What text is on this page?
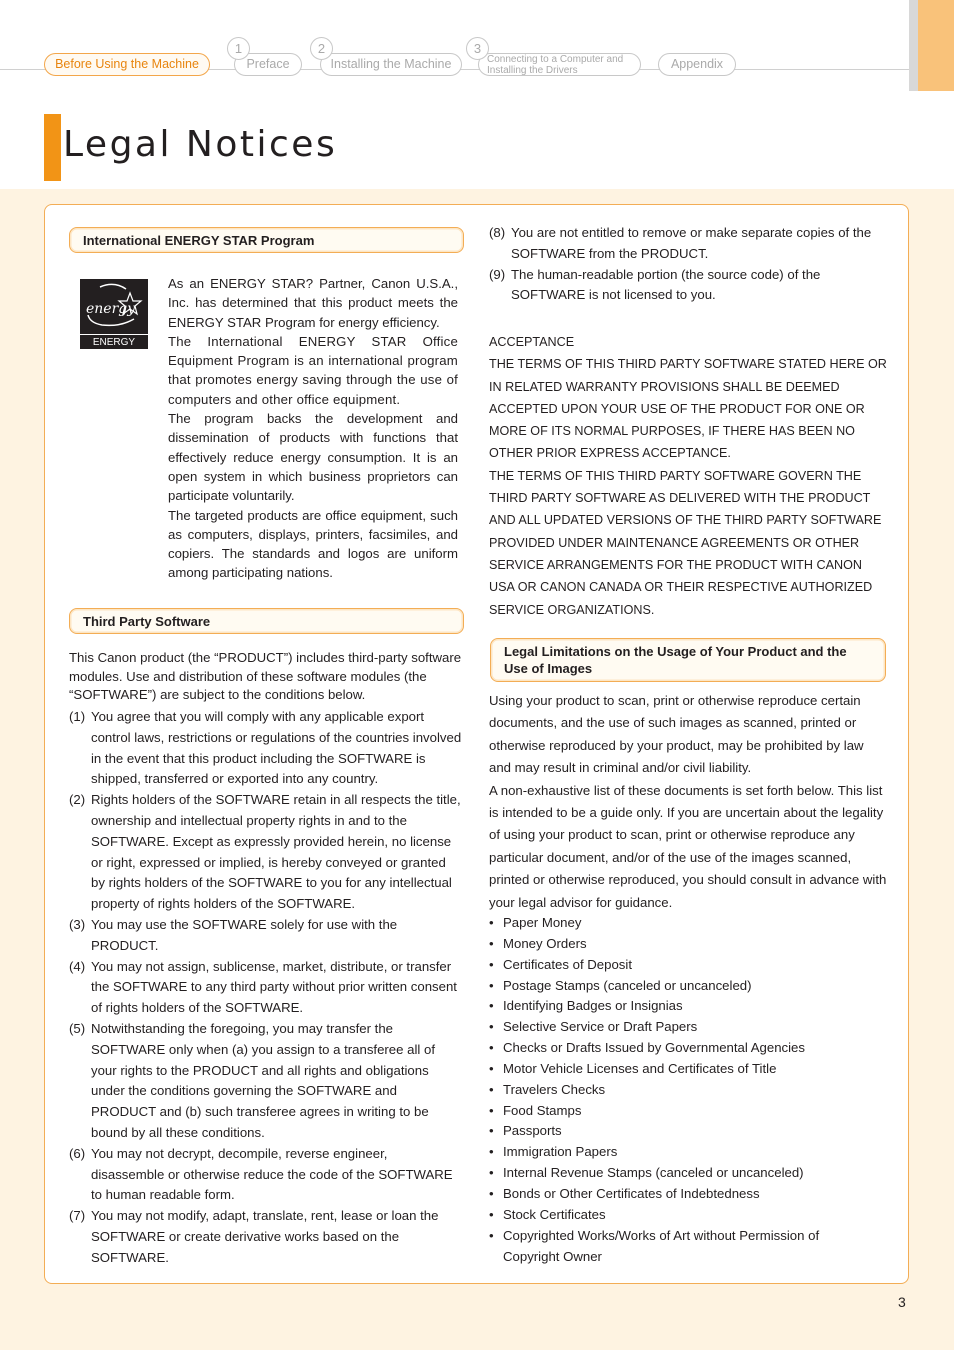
Before Using the Machine	Preface
1
Installing the Machine
2
Connecting to a Computer and
Installing the Drivers
3
Appendix
Legal Notices
International ENERGY STAR Program
energy
ENERGY STAR

As an ENERGY STAR? Partner, Canon U.S.A., Inc. has determined that this product meets the ENERGY STAR Program for energy efficiency.

The International ENERGY STAR Office Equipment Program is an international program that promotes energy saving through the use of computers and other office equipment.

The program backs the development and dissemination of products with functions that effectively reduce energy consumption. It is an open system in which business proprietors can participate voluntarily.

The targeted products are office equipment, such as computers, displays, printers, facsimiles, and copiers. The standards and logos are uniform among participating nations.

Third Party Software
This Canon product (the “PRODUCT”) includes third-party software modules. Use and distribution of these software modules (the “SOFTWARE”) are subject to the conditions below.
(1) You agree that you will comply with any applicable export control laws, restrictions or regulations of the countries involved in the event that this product including the SOFTWARE is shipped, transferred or exported into any country.
(2) Rights holders of the SOFTWARE retain in all respects the title, ownership and intellectual property rights in and to the SOFTWARE. Except as expressly provided herein, no license or right, expressed or implied, is hereby conveyed or granted by rights holders of the SOFTWARE to you for any intellectual property of rights holders of the SOFTWARE.
(3) You may use the SOFTWARE solely for use with the PRODUCT.
(4) You may not assign, sublicense, market, distribute, or transfer the SOFTWARE to any third party without prior written consent of rights holders of the SOFTWARE.
(5) Notwithstanding the foregoing, you may transfer the SOFTWARE only when (a) you assign to a transferee all of your rights to the PRODUCT and all rights and obligations under the conditions governing the SOFTWARE and PRODUCT and (b) such transferee agrees in writing to be bound by all these conditions.
(6) You may not decrypt, decompile, reverse engineer, disassemble or otherwise reduce the code of the SOFTWARE to human readable form.
(7) You may not modify, adapt, translate, rent, lease or loan the SOFTWARE or create derivative works based on the SOFTWARE.
(8) You are not entitled to remove or make separate copies of the SOFTWARE from the PRODUCT.
(9) The human-readable portion (the source code) of the SOFTWARE is not licensed to you.

ACCEPTANCE

THE TERMS OF THIS THIRD PARTY SOFTWARE STATED HERE OR IN RELATED WARRANTY PROVISIONS SHALL BE DEEMED ACCEPTED UPON YOUR USE OF THE PRODUCT FOR ONE OR MORE OF ITS NORMAL PURPOSES, IF THERE HAS BEEN NO OTHER PRIOR EXPRESS ACCEPTANCE.

THE TERMS OF THIS THIRD PARTY SOFTWARE GOVERN THE THIRD PARTY SOFTWARE AS DELIVERED WITH THE PRODUCT AND ALL UPDATED VERSIONS OF THE THIRD PARTY SOFTWARE PROVIDED UNDER MAINTENANCE AGREEMENTS OR OTHER SERVICE ARRANGEMENTS FOR THE PRODUCT WITH CANON USA OR CANON CANADA OR THEIR RESPECTIVE AUTHORIZED SERVICE ORGANIZATIONS.

Legal Limitations on the Usage of Your Product and the Use of Images

Using your product to scan, print or otherwise reproduce certain documents, and the use of such images as scanned, printed or otherwise reproduced by your product, may be prohibited by law and may result in criminal and/or civil liability.

A non-exhaustive list of these documents is set forth below. This list is intended to be a guide only. If you are uncertain about the legality of using your product to scan, print or otherwise reproduce any particular document, and/or of the use of the images scanned, printed or otherwise reproduced, you should consult in advance with your legal advisor for guidance.

• Paper Money
• Money Orders
• Certificates of Deposit
• Postage Stamps (canceled or uncanceled)
• Identifying Badges or Insignias
• Selective Service or Draft Papers
• Checks or Drafts Issued by Governmental Agencies
• Motor Vehicle Licenses and Certificates of Title
• Travelers Checks
• Food Stamps
• Passports
• Immigration Papers
• Internal Revenue Stamps (canceled or uncanceled)
• Bonds or Other Certificates of Indebtedness
• Stock Certificates
• Copyrighted Works/Works of Art without Permission of Copyright Owner
3
